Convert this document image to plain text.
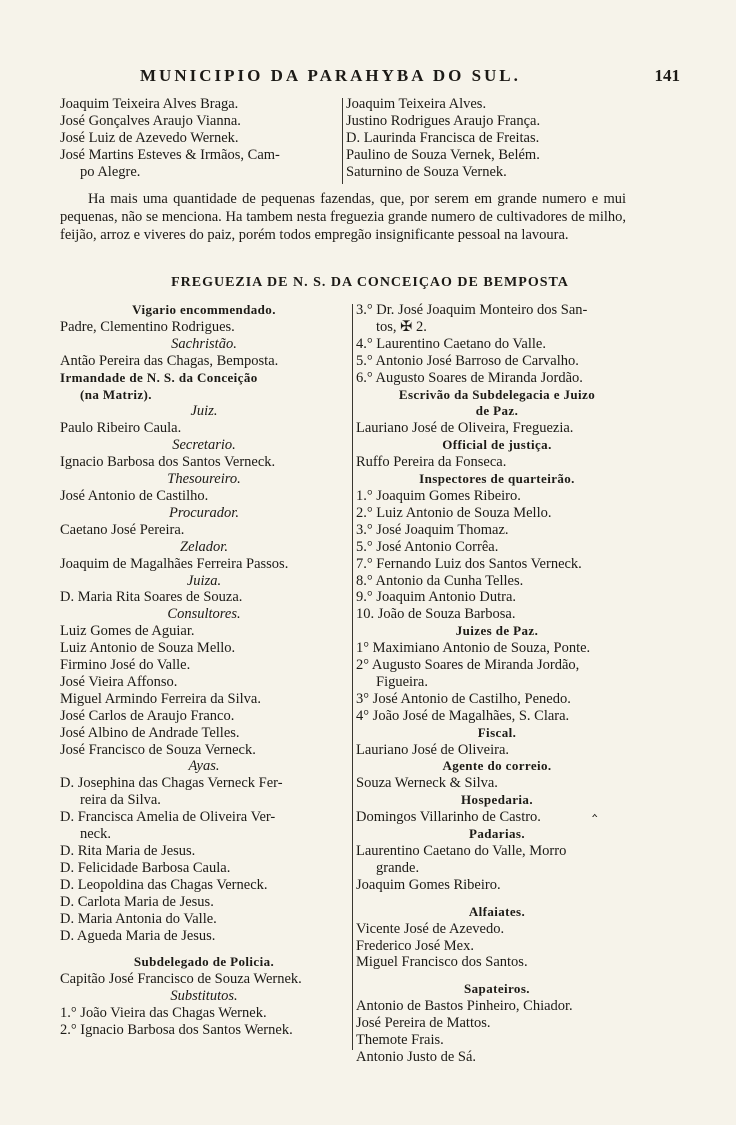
MUNICIPIO DA PARAHYBA DO SUL.	141
Joaquim Teixeira Alves Braga.
José Gonçalves Araujo Vianna.
José Luiz de Azevedo Wernek.
José Martins Esteves & Irmãos, Cam-
po Alegre.
Joaquim Teixeira Alves.
Justino Rodrigues Araujo França.
D. Laurinda Francisca de Freitas.
Paulino de Souza Vernek, Belém.
Saturnino de Souza Vernek.
Ha mais uma quantidade de pequenas fazendas, que, por serem em grande numero e mui pequenas, não se menciona. Ha tambem nesta freguezia grande numero de cultivadores de milho, feijão, arroz e viveres do paiz, porém todos empregão insignificante pessoal na lavoura.
FREGUEZIA DE N. S. DA CONCEIÇAO DE BEMPOSTA
Vigario encommendado.
Padre, Clementino Rodrigues.
Sachristão.
Antão Pereira das Chagas, Bemposta.
Irmandade de N. S. da Conceição
(na Matriz).
Juiz.
Paulo Ribeiro Caula.
Secretario.
Ignacio Barbosa dos Santos Verneck.
Thesoureiro.
José Antonio de Castilho.
Procurador.
Caetano José Pereira.
Zelador.
Joaquim de Magalhães Ferreira Passos.
Juiza.
D. Maria Rita Soares de Souza.
Consultores.
Luiz Gomes de Aguiar.
Luiz Antonio de Souza Mello.
Firmino José do Valle.
José Vieira Affonso.
Miguel Armindo Ferreira da Silva.
José Carlos de Araujo Franco.
José Albino de Andrade Telles.
José Francisco de Souza Verneck.
Ayas.
D. Josephina das Chagas Verneck Fer-
reira da Silva.
D. Francisca Amelia de Oliveira Ver-
neck.
D. Rita Maria de Jesus.
D. Felicidade Barbosa Caula.
D. Leopoldina das Chagas Verneck.
D. Carlota Maria de Jesus.
D. Maria Antonia do Valle.
D. Agueda Maria de Jesus.
Subdelegado de Policia.
Capitão José Francisco de Souza Wernek.
Substitutos.
1.° João Vieira das Chagas Wernek.
2.° Ignacio Barbosa dos Santos Wernek.
3.° Dr. José Joaquim Monteiro dos San-
tos, ✠ 2.
4.° Laurentino Caetano do Valle.
5.° Antonio José Barroso de Carvalho.
6.° Augusto Soares de Miranda Jordão.
Escrivão da Subdelegacia e Juizo
de Paz.
Lauriano José de Oliveira, Freguezia.
Official de justiça.
Ruffo Pereira da Fonseca.
Inspectores de quarteirão.
1.° Joaquim Gomes Ribeiro.
2.° Luiz Antonio de Souza Mello.
3.° José Joaquim Thomaz.
5.° José Antonio Corrêa.
7.° Fernando Luiz dos Santos Verneck.
8.° Antonio da Cunha Telles.
9.° Joaquim Antonio Dutra.
10. João de Souza Barbosa.
Juizes de Paz.
1° Maximiano Antonio de Souza, Ponte.
2° Augusto Soares de Miranda Jordão,
Figueira.
3° José Antonio de Castilho, Penedo.
4° João José de Magalhães, S. Clara.
Fiscal.
Lauriano José de Oliveira.
Agente do correio.
Souza Werneck & Silva.
Hospedaria.
Domingos Villarinho de Castro.
Padarias.
Laurentino Caetano do Valle, Morro
grande.
Joaquim Gomes Ribeiro.
Alfaiates.
Vicente José de Azevedo.
Frederico José Mex.
Miguel Francisco dos Santos.
Sapateiros.
Antonio de Bastos Pinheiro, Chiador.
José Pereira de Mattos.
Themote Frais.
Antonio Justo de Sá.
‸
